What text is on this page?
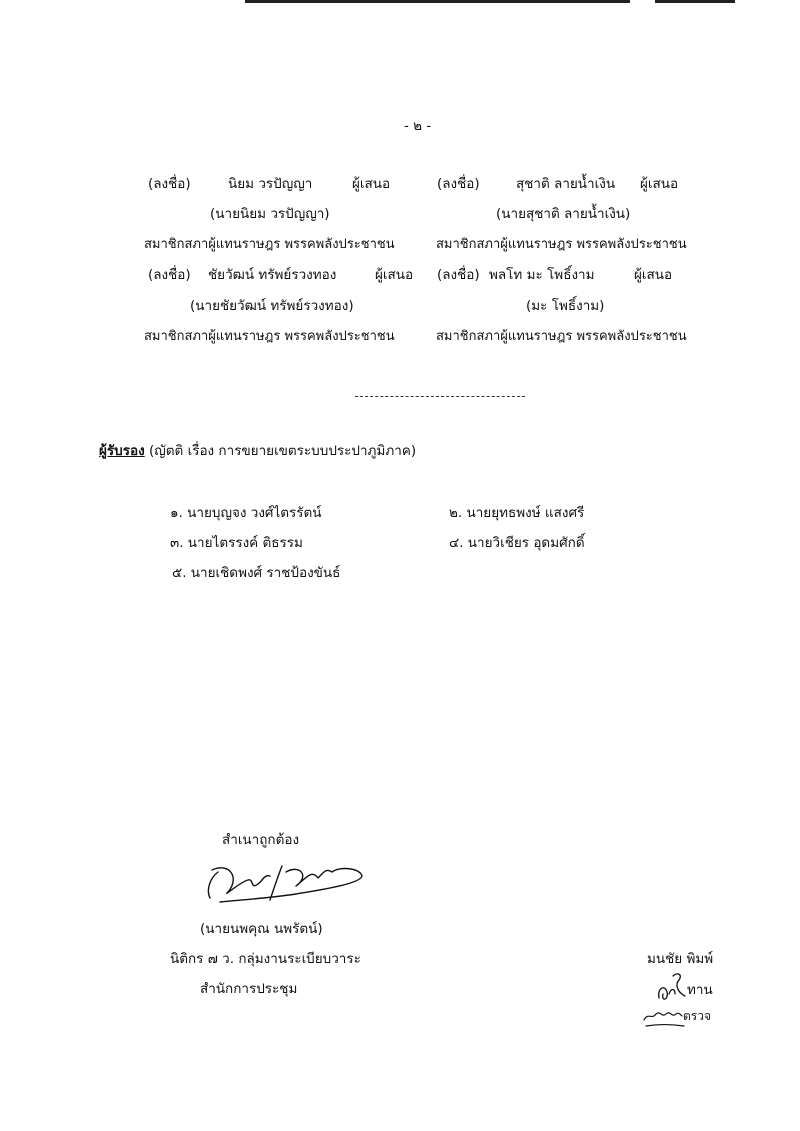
- ๒ -
(ลงชื่อ)	นิยม วรปัญญา	ผู้เสนอ
(นายนิยม วรปัญญา)
สมาชิกสภาผู้แทนราษฎร พรรคพลังประชาชน
(ลงชื่อ)	สุชาติ ลายน้ำเงิน ผู้เสนอ
(นายสุชาติ ลายน้ำเงิน)
สมาชิกสภาผู้แทนราษฎร พรรคพลังประชาชน
(ลงชื่อ) ชัยวัฒน์ ทรัพย์รวงทอง	ผู้เสนอ
(นายชัยวัฒน์ ทรัพย์รวงทอง)
สมาชิกสภาผู้แทนราษฎร พรรคพลังประชาชน
(ลงชื่อ) พลโท มะ โพธิ์งาม	ผู้เสนอ
(มะ โพธิ์งาม)
สมาชิกสภาผู้แทนราษฎร พรรคพลังประชาชน
ผู้รับรอง (ญัตติ เรื่อง การขยายเขตระบบประปาภูมิภาค)
๑. นายบุญจง วงศ์ไตรรัตน์	๒. นายยุทธพงษ์ แสงศรี
๓. นายไตรรงค์ ติธรรม	๔. นายวิเชียร อุดมศักดิ์
๕. นายเชิดพงศ์ ราชป้องขันธ์
สำเนาถูกต้อง
(นายนพคุณ นพรัตน์)
นิติกร ๗ ว. กลุ่มงานระเบียบวาระ
สำนักการประชุม
มนชัย พิมพ์
ทาน
ตรวจ
